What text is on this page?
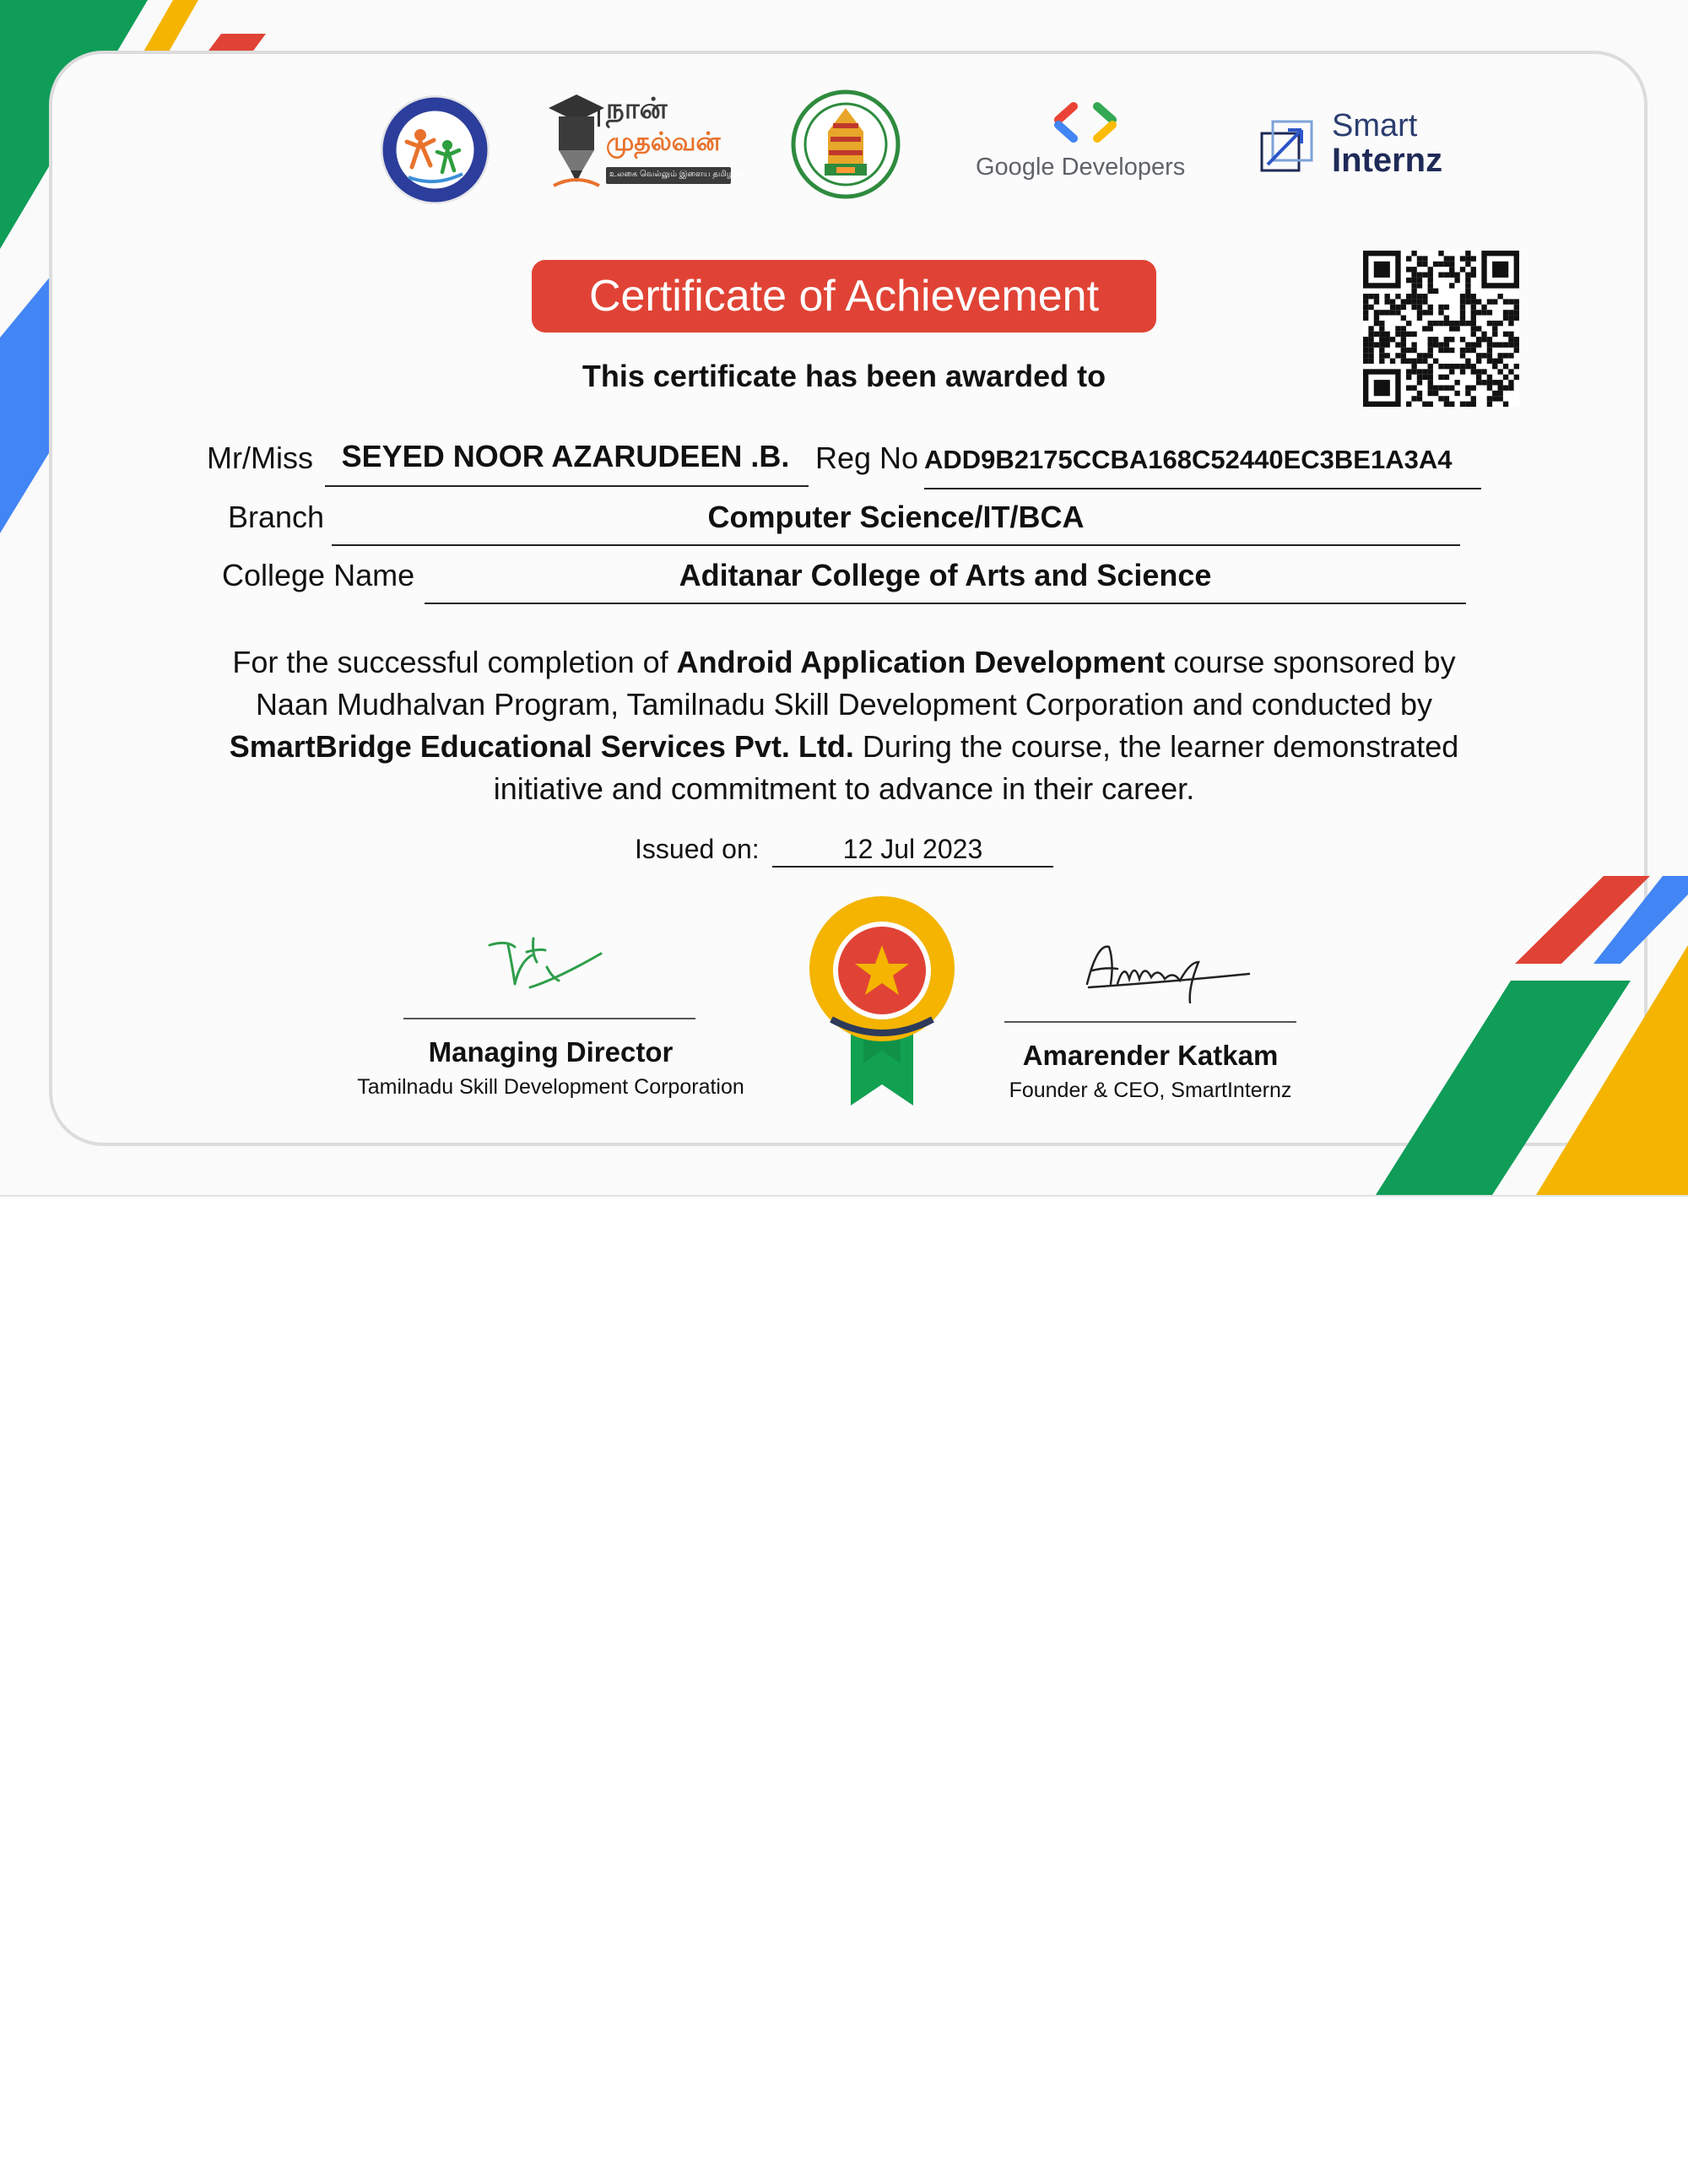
நான்
முதல்வன்
உலகை வெல்லும் இளைய தமிழகம்	Google Developers
Smart
Internz
Certificate of Achievement
This certificate has been awarded to
Mr/Miss SEYED NOOR AZARUDEEN .B. Reg No ADD9B2175CCBA168C52440EC3BE1A3A4
Branch	Computer Science/IT/BCA
College Name	Aditanar College of Arts and Science
For the successful completion of Android Application Development course sponsored by
Naan Mudhalvan Program, Tamilnadu Skill Development Corporation and conducted by
SmartBridge Educational Services Pvt. Ltd. During the course, the learner demonstrated
initiative and commitment to advance in their career.
Issued on:	12 Jul 2023
Managing Director
Tamilnadu Skill Development Corporation
Amarender Katkam
Founder & CEO, SmartInternz
